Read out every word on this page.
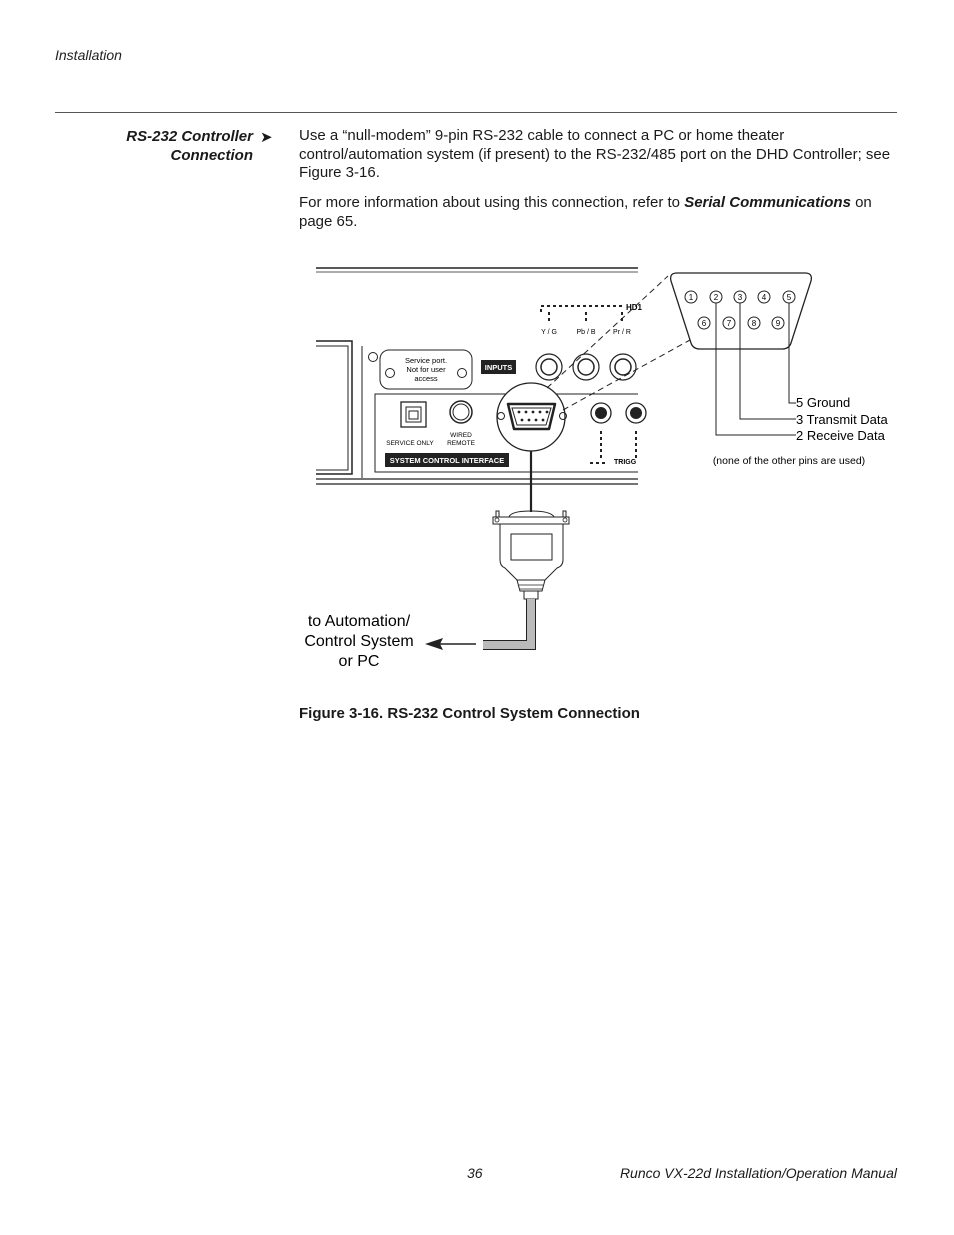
Installation
RS-232 Controller
Connection
➤ Use a “null-modem” 9-pin RS-232 cable to connect a PC or home theater control/automation system (if present) to the RS-232/485 port on the DHD Controller; see Figure 3-16.

For more information about using this connection, refer to Serial Communications on page 65.

HD1
Y / G	Pb / B	Pr / R
Service port.
Not for user
access
INPUTS
SERVICE ONLY
WIRED
REMOTE
SYSTEM CONTROL INTERFACE	TRIGG
1	2 3 4	5
6	7	8 9
5 Ground
3 Transmit Data
2 Receive Data
(none of the other pins are used)
to Automation/
Control System
or PC
Figure 3-16. RS-232 Control System Connection
36	Runco VX-22d Installation/Operation Manual
